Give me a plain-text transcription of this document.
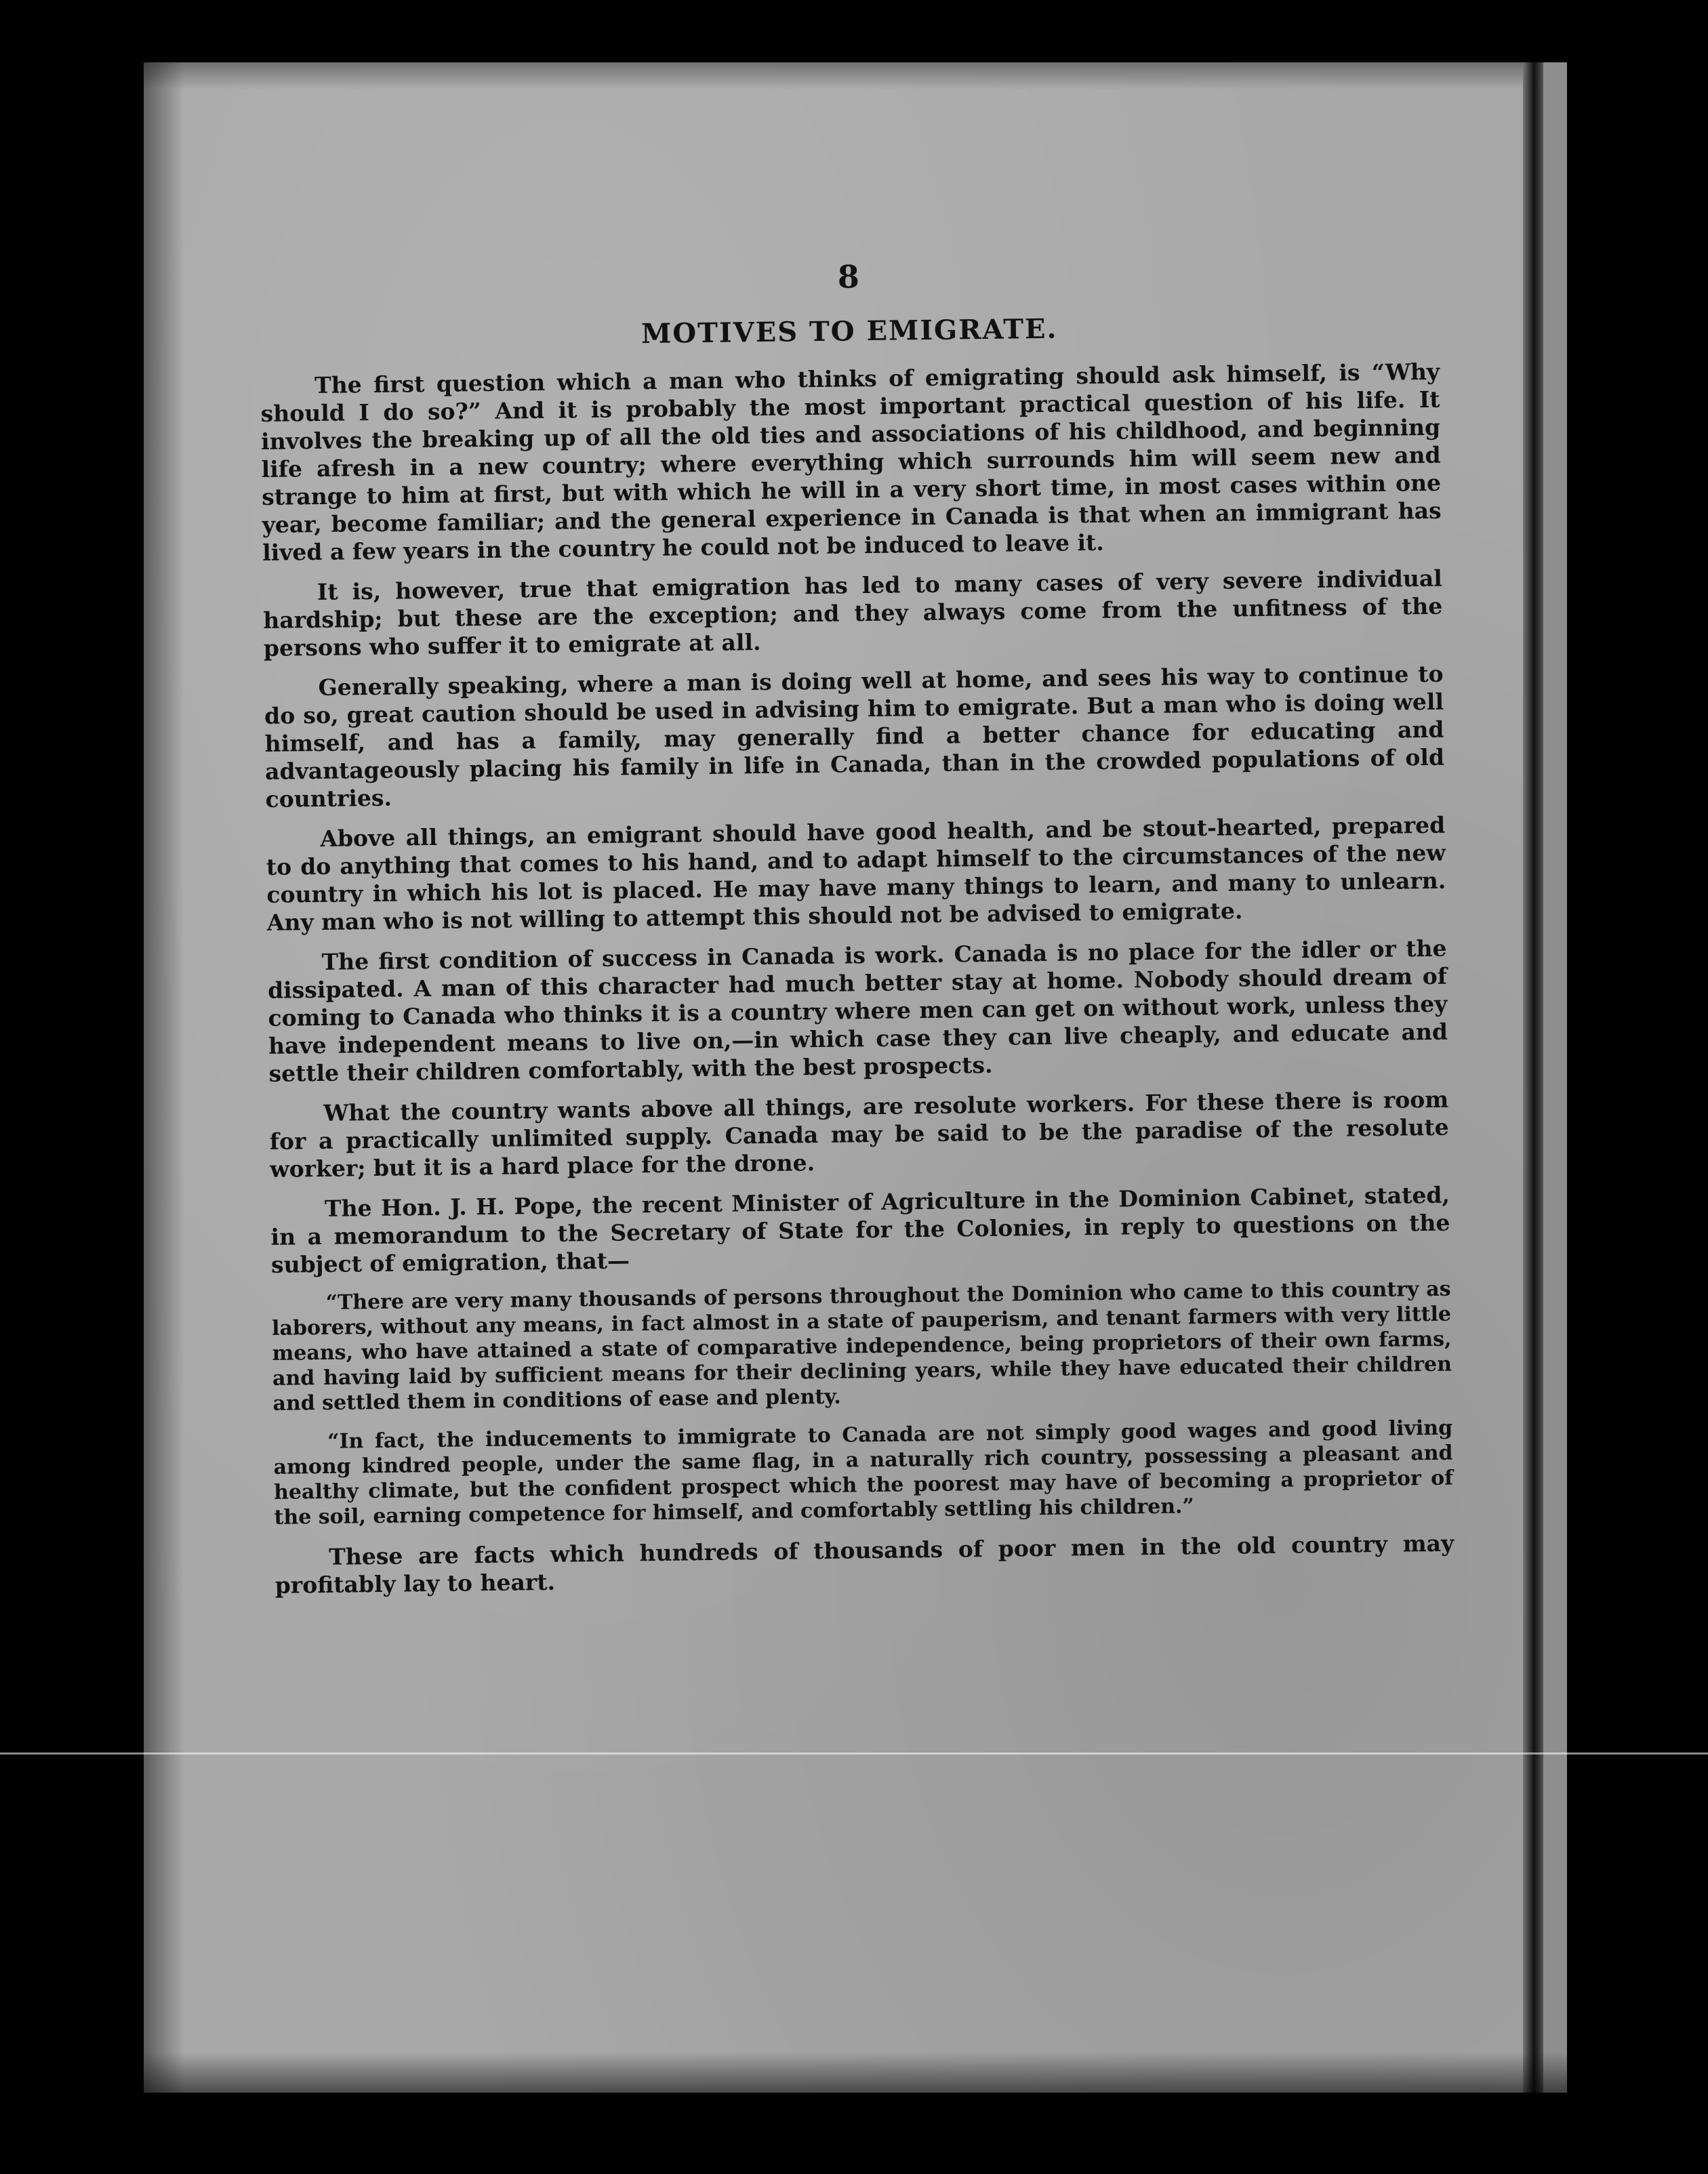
8
MOTIVES TO EMIGRATE.

The first question which a man who thinks of emigrating should ask himself, is “Why should I do so?” And it is probably the most important practical question of his life. It involves the breaking up of all the old ties and associations of his childhood, and beginning life afresh in a new country; where everything which surrounds him will seem new and strange to him at first, but with which he will in a very short time, in most cases within one year, become familiar; and the general experience in Canada is that when an immigrant has lived a few years in the country he could not be induced to leave it.

It is, however, true that emigration has led to many cases of very severe individual hardship; but these are the exception; and they always come from the unfitness of the persons who suffer it to emigrate at all.

Generally speaking, where a man is doing well at home, and sees his way to continue to do so, great caution should be used in advising him to emigrate. But a man who is doing well himself, and has a family, may generally find a better chance for educating and advantageously placing his family in life in Canada, than in the crowded populations of old countries.

Above all things, an emigrant should have good health, and be stout-hearted, prepared to do anything that comes to his hand, and to adapt himself to the circumstances of the new country in which his lot is placed. He may have many things to learn, and many to unlearn. Any man who is not willing to attempt this should not be advised to emigrate.

The first condition of success in Canada is work. Canada is no place for the idler or the dissipated. A man of this character had much better stay at home. Nobody should dream of coming to Canada who thinks it is a country where men can get on without work, unless they have independent means to live on,—in which case they can live cheaply, and educate and settle their children comfortably, with the best prospects.

What the country wants above all things, are resolute workers. For these there is room for a practically unlimited supply. Canada may be said to be the paradise of the resolute worker; but it is a hard place for the drone.

The Hon. J. H. Pope, the recent Minister of Agriculture in the Dominion Cabinet, stated, in a memorandum to the Secretary of State for the Colonies, in reply to questions on the subject of emigration, that—

“There are very many thousands of persons throughout the Dominion who came to this country as laborers, without any means, in fact almost in a state of pauperism, and tenant farmers with very little means, who have attained a state of comparative independence, being proprietors of their own farms, and having laid by sufficient means for their declining years, while they have educated their children and settled them in conditions of ease and plenty.

“In fact, the inducements to immigrate to Canada are not simply good wages and good living among kindred people, under the same flag, in a naturally rich country, possessing a pleasant and healthy climate, but the confident prospect which the poorest may have of becoming a proprietor of the soil, earning competence for himself, and comfortably settling his children.”

These are facts which hundreds of thousands of poor men in the old country may profitably lay to heart.
